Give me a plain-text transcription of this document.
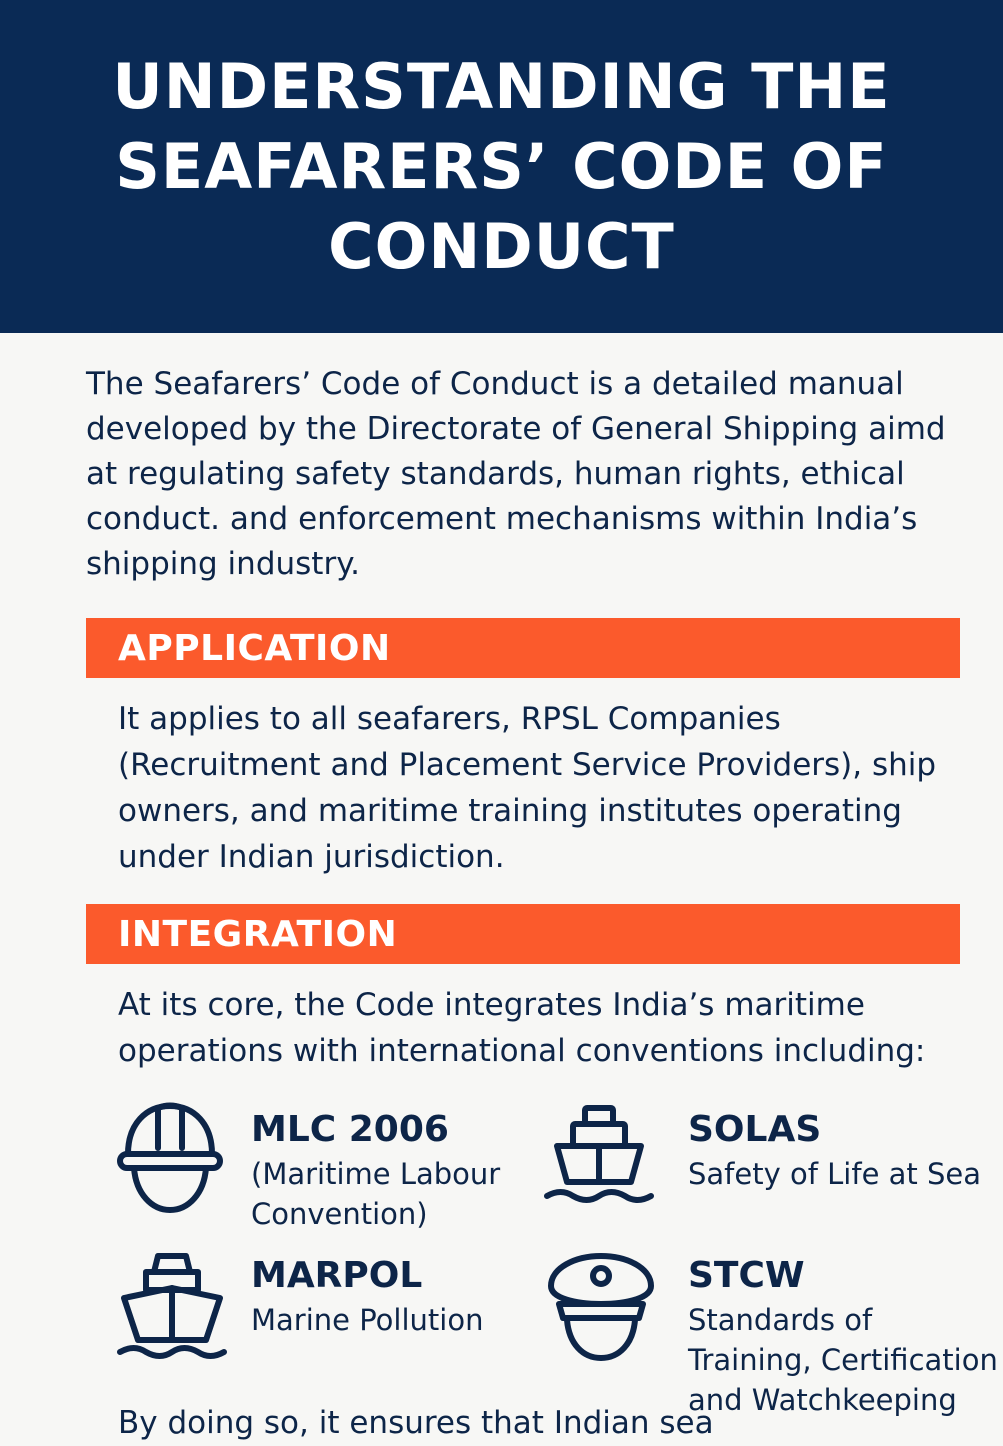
UNDERSTANDING THE SEAFARERS’ CODE OF CONDUCT

The Seafarers’ Code of Conduct is a detailed manual developed by the Directorate of General Shipping aimd at regulating safety standards, human rights, ethical conduct. and enforcement mechanisms within India’s shipping industry.

APPLICATION

It applies to all seafarers, RPSL Companies (Recruitment and Placement Service Providers), ship owners, and maritime training institutes operating under Indian jurisdiction.

INTEGRATION

At its core, the Code integrates India’s maritime operations with international conventions including:

MLC 2006

(Maritime Labour Convention)

SOLAS

Safety of Life at Sea

MARPOL

Marine Pollution

STCW

Standards of Training, Certification and Watchkeeping

By doing so, it ensures that Indian sea
